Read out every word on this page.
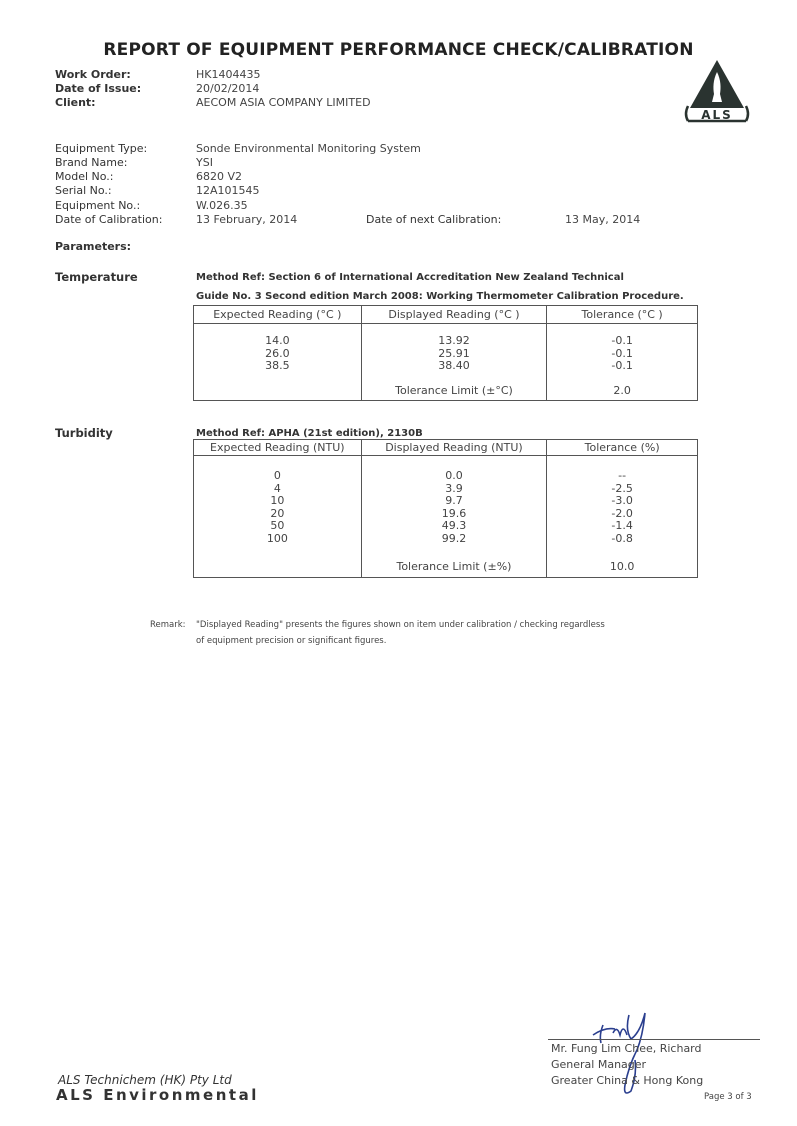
REPORT OF EQUIPMENT PERFORMANCE CHECK/CALIBRATION
ALS
Work Order:	HK1404435
Date of Issue:	20/02/2014
Client:	AECOM ASIA COMPANY LIMITED
Equipment Type:	Sonde Environmental Monitoring System
Brand Name:	YSI
Model No.:	6820 V2
Serial No.:	12A101545
Equipment No.:	W.026.35
Date of Calibration:	13 February, 2014	Date of next Calibration:	13 May, 2014
Parameters:
Temperature	Method Ref: Section 6 of International Accreditation New Zealand Technical
Guide No. 3 Second edition March 2008: Working Thermometer Calibration Procedure.
Expected Reading (°C )	Displayed Reading (°C )	Tolerance (°C )
14.0	13.92	-0.1
26.0	25.91	-0.1
38.5	38.40	-0.1
	Tolerance Limit (±°C)	2.0
Turbidity	Method Ref: APHA (21st edition), 2130B
Expected Reading (NTU)	Displayed Reading (NTU)	Tolerance (%)
0	0.0	--
4	3.9	-2.5
10	9.7	-3.0
20	19.6	-2.0
50	49.3	-1.4
100	99.2	-0.8
	Tolerance Limit (±%)	10.0
Remark: "Displayed Reading" presents the figures shown on item under calibration / checking regardless
of equipment precision or significant figures.
Mr. Fung Lim Chee, Richard
General Manager
Greater China & Hong Kong
Page 3 of 3
ALS Technichem (HK) Pty Ltd
ALS Environmental
